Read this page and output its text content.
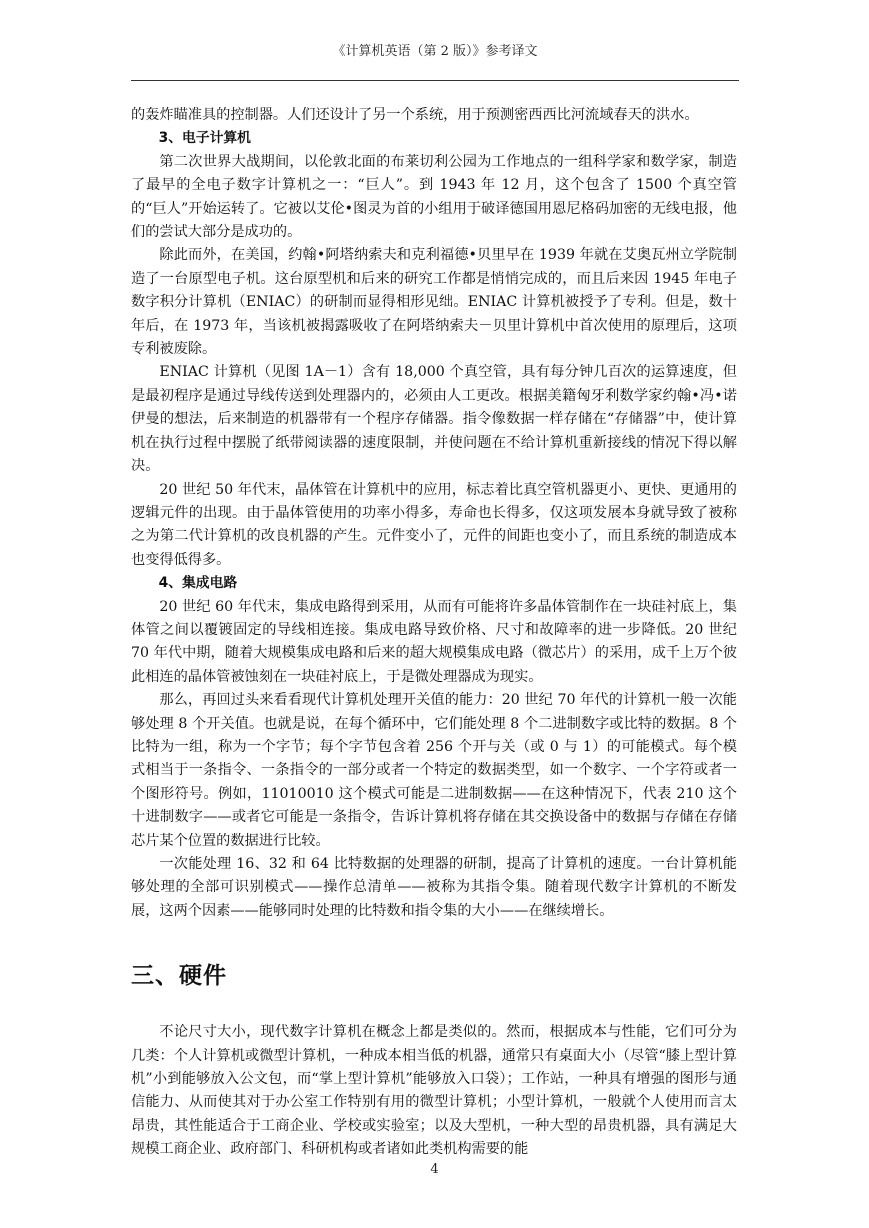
《计算机英语（第 2 版）》参考译文

的轰炸瞄准具的控制器。人们还设计了另一个系统，用于预测密西西比河流域春天的洪水。

3、电子计算机

第二次世界大战期间，以伦敦北面的布莱切利公园为工作地点的一组科学家和数学家，制造了最早的全电子数字计算机之一：“巨人”。到 1943 年 12 月，这个包含了 1500 个真空管的“巨人”开始运转了。它被以艾伦•图灵为首的小组用于破译德国用恩尼格码加密的无线电报，他们的尝试大部分是成功的。

除此而外，在美国，约翰•阿塔纳索夫和克利福德•贝里早在 1939 年就在艾奥瓦州立学院制造了一台原型电子机。这台原型机和后来的研究工作都是悄悄完成的，而且后来因 1945 年电子数字积分计算机（ENIAC）的研制而显得相形见绌。ENIAC 计算机被授予了专利。但是，数十年后，在 1973 年，当该机被揭露吸收了在阿塔纳索夫－贝里计算机中首次使用的原理后，这项专利被废除。

ENIAC 计算机（见图 1A－1）含有 18,000 个真空管，具有每分钟几百次的运算速度，但是最初程序是通过导线传送到处理器内的，必须由人工更改。根据美籍匈牙利数学家约翰•冯•诺伊曼的想法，后来制造的机器带有一个程序存储器。指令像数据一样存储在“存储器”中，使计算机在执行过程中摆脱了纸带阅读器的速度限制，并使问题在不给计算机重新接线的情况下得以解决。

20 世纪 50 年代末，晶体管在计算机中的应用，标志着比真空管机器更小、更快、更通用的逻辑元件的出现。由于晶体管使用的功率小得多，寿命也长得多，仅这项发展本身就导致了被称之为第二代计算机的改良机器的产生。元件变小了，元件的间距也变小了，而且系统的制造成本也变得低得多。

4、集成电路

20 世纪 60 年代末，集成电路得到采用，从而有可能将许多晶体管制作在一块硅衬底上，集体管之间以覆镀固定的导线相连接。集成电路导致价格、尺寸和故障率的进一步降低。20 世纪 70 年代中期，随着大规模集成电路和后来的超大规模集成电路（微芯片）的采用，成千上万个彼此相连的晶体管被蚀刻在一块硅衬底上，于是微处理器成为现实。

那么，再回过头来看看现代计算机处理开关值的能力：20 世纪 70 年代的计算机一般一次能够处理 8 个开关值。也就是说，在每个循环中，它们能处理 8 个二进制数字或比特的数据。8 个比特为一组，称为一个字节；每个字节包含着 256 个开与关（或 0 与 1）的可能模式。每个模式相当于一条指令、一条指令的一部分或者一个特定的数据类型，如一个数字、一个字符或者一个图形符号。例如，11010010 这个模式可能是二进制数据——在这种情况下，代表 210 这个十进制数字——或者它可能是一条指令，告诉计算机将存储在其交换设备中的数据与存储在存储芯片某个位置的数据进行比较。

一次能处理 16、32 和 64 比特数据的处理器的研制，提高了计算机的速度。一台计算机能够处理的全部可识别模式——操作总清单——被称为其指令集。随着现代数字计算机的不断发展，这两个因素——能够同时处理的比特数和指令集的大小——在继续增长。

三、硬件

不论尺寸大小，现代数字计算机在概念上都是类似的。然而，根据成本与性能，它们可分为几类：个人计算机或微型计算机，一种成本相当低的机器，通常只有桌面大小（尽管“膝上型计算机”小到能够放入公文包，而“掌上型计算机”能够放入口袋）；工作站，一种具有增强的图形与通信能力、从而使其对于办公室工作特别有用的微型计算机；小型计算机，一般就个人使用而言太昂贵，其性能适合于工商企业、学校或实验室；以及大型机，一种大型的昂贵机器，具有满足大规模工商企业、政府部门、科研机构或者诸如此类机构需要的能

4
